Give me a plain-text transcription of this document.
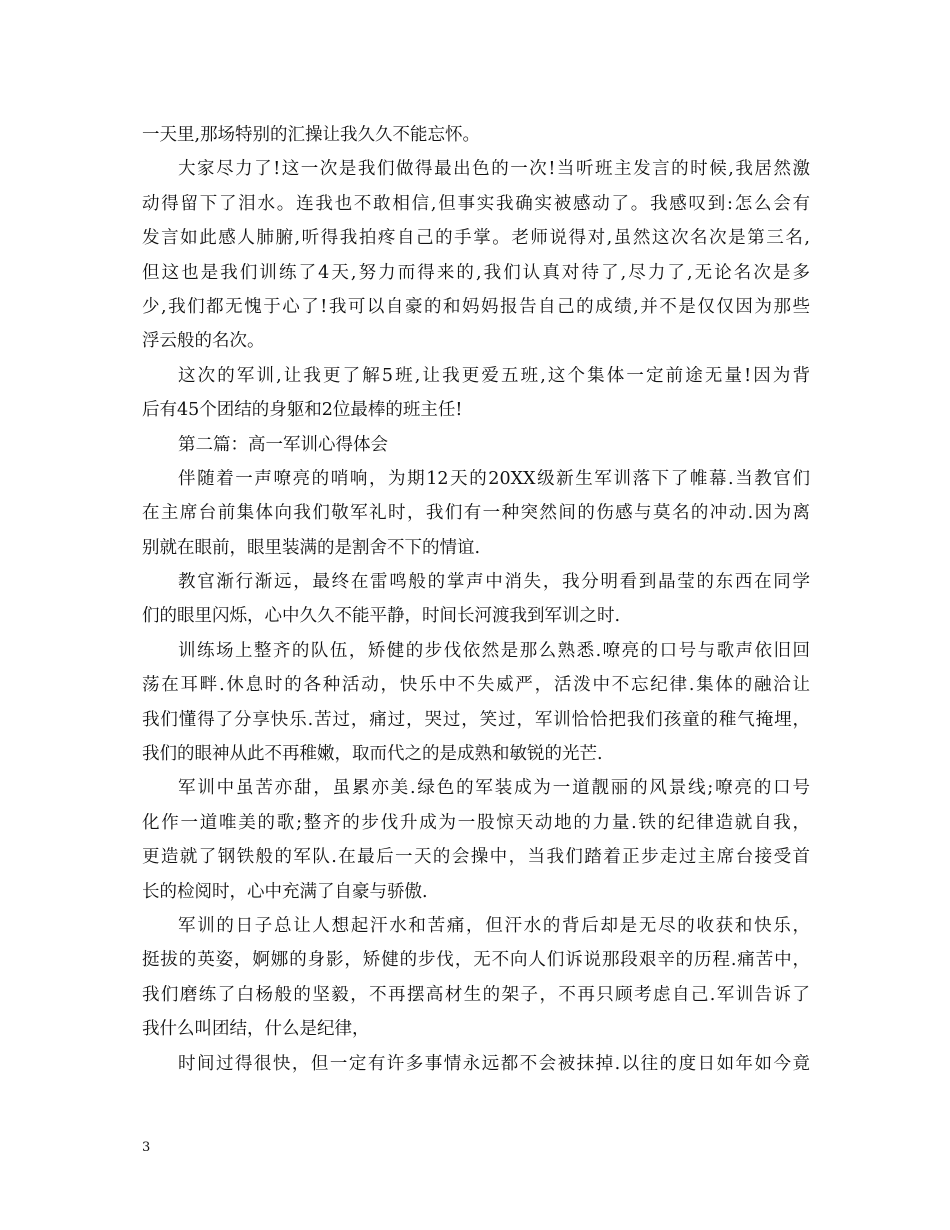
一天里,那场特别的汇操让我久久不能忘怀。
大家尽力了!这一次是我们做得最出色的一次!当听班主发言的时候,我居然激
动得留下了泪水。连我也不敢相信,但事实我确实被感动了。我感叹到:怎么会有
发言如此感人肺腑,听得我拍疼自己的手掌。老师说得对,虽然这次名次是第三名,
但这也是我们训练了4天,努力而得来的,我们认真对待了,尽力了,无论名次是多
少,我们都无愧于心了!我可以自豪的和妈妈报告自己的成绩,并不是仅仅因为那些
浮云般的名次。
这次的军训,让我更了解5班,让我更爱五班,这个集体一定前途无量!因为背
后有45个团结的身躯和2位最棒的班主任!
第二篇：高一军训心得体会
伴随着一声嘹亮的哨响，为期12天的20XX级新生军训落下了帷幕.当教官们
在主席台前集体向我们敬军礼时，我们有一种突然间的伤感与莫名的冲动.因为离
别就在眼前，眼里装满的是割舍不下的情谊.
教官渐行渐远，最终在雷鸣般的掌声中消失，我分明看到晶莹的东西在同学
们的眼里闪烁，心中久久不能平静，时间长河渡我到军训之时.
训练场上整齐的队伍，矫健的步伐依然是那么熟悉.嘹亮的口号与歌声依旧回
荡在耳畔.休息时的各种活动，快乐中不失威严，活泼中不忘纪律.集体的融洽让
我们懂得了分享快乐.苦过，痛过，哭过，笑过，军训恰恰把我们孩童的稚气掩埋，
我们的眼神从此不再稚嫩，取而代之的是成熟和敏锐的光芒.
军训中虽苦亦甜，虽累亦美.绿色的军装成为一道靓丽的风景线;嘹亮的口号
化作一道唯美的歌;整齐的步伐升成为一股惊天动地的力量.铁的纪律造就自我，
更造就了钢铁般的军队.在最后一天的会操中，当我们踏着正步走过主席台接受首
长的检阅时，心中充满了自豪与骄傲.
军训的日子总让人想起汗水和苦痛，但汗水的背后却是无尽的收获和快乐，
挺拔的英姿，婀娜的身影，矫健的步伐，无不向人们诉说那段艰辛的历程.痛苦中，
我们磨练了白杨般的坚毅，不再摆高材生的架子，不再只顾考虑自己.军训告诉了
我什么叫团结，什么是纪律，
时间过得很快，但一定有许多事情永远都不会被抹掉.以往的度日如年如今竟
3
